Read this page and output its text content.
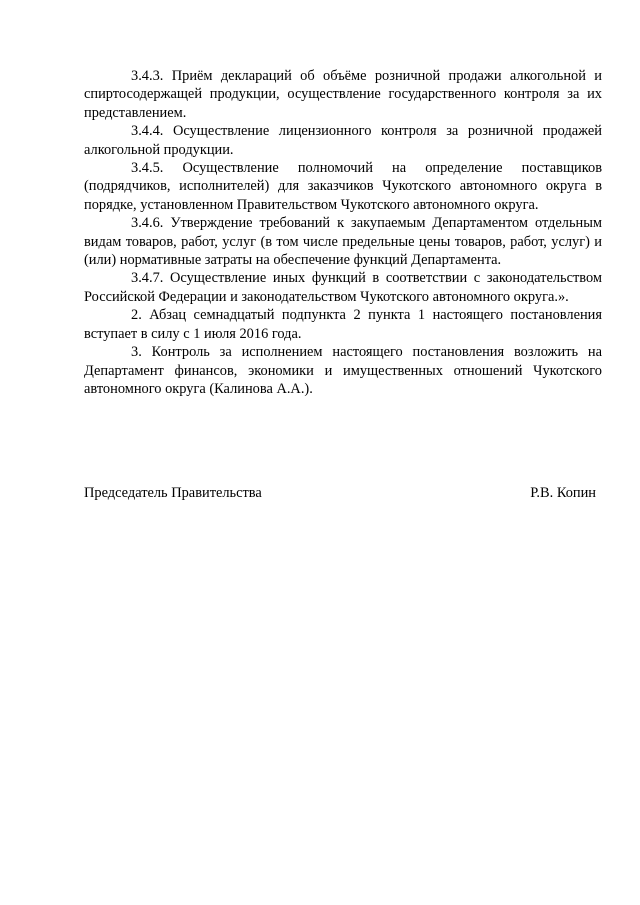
3.4.3. Приём деклараций об объёме розничной продажи алкогольной и спиртосодержащей продукции, осуществление государственного контроля за их представлением.

3.4.4. Осуществление лицензионного контроля за розничной продажей алкогольной продукции.

3.4.5. Осуществление полномочий на определение поставщиков (подрядчиков, исполнителей) для заказчиков Чукотского автономного округа в порядке, установленном Правительством Чукотского автономного округа.

3.4.6. Утверждение требований к закупаемым Департаментом отдельным видам товаров, работ, услуг (в том числе предельные цены товаров, работ, услуг) и (или) нормативные затраты на обеспечение функций Департамента.

3.4.7. Осуществление иных функций в соответствии с законодательством Российской Федерации и законодательством Чукотского автономного округа.».

2. Абзац семнадцатый подпункта 2 пункта 1 настоящего постановления вступает в силу с 1 июля 2016 года.

3. Контроль за исполнением настоящего постановления возложить на Департамент финансов, экономики и имущественных отношений Чукотского автономного округа (Калинова А.А.).

Председатель Правительства	Р.В. Копин
